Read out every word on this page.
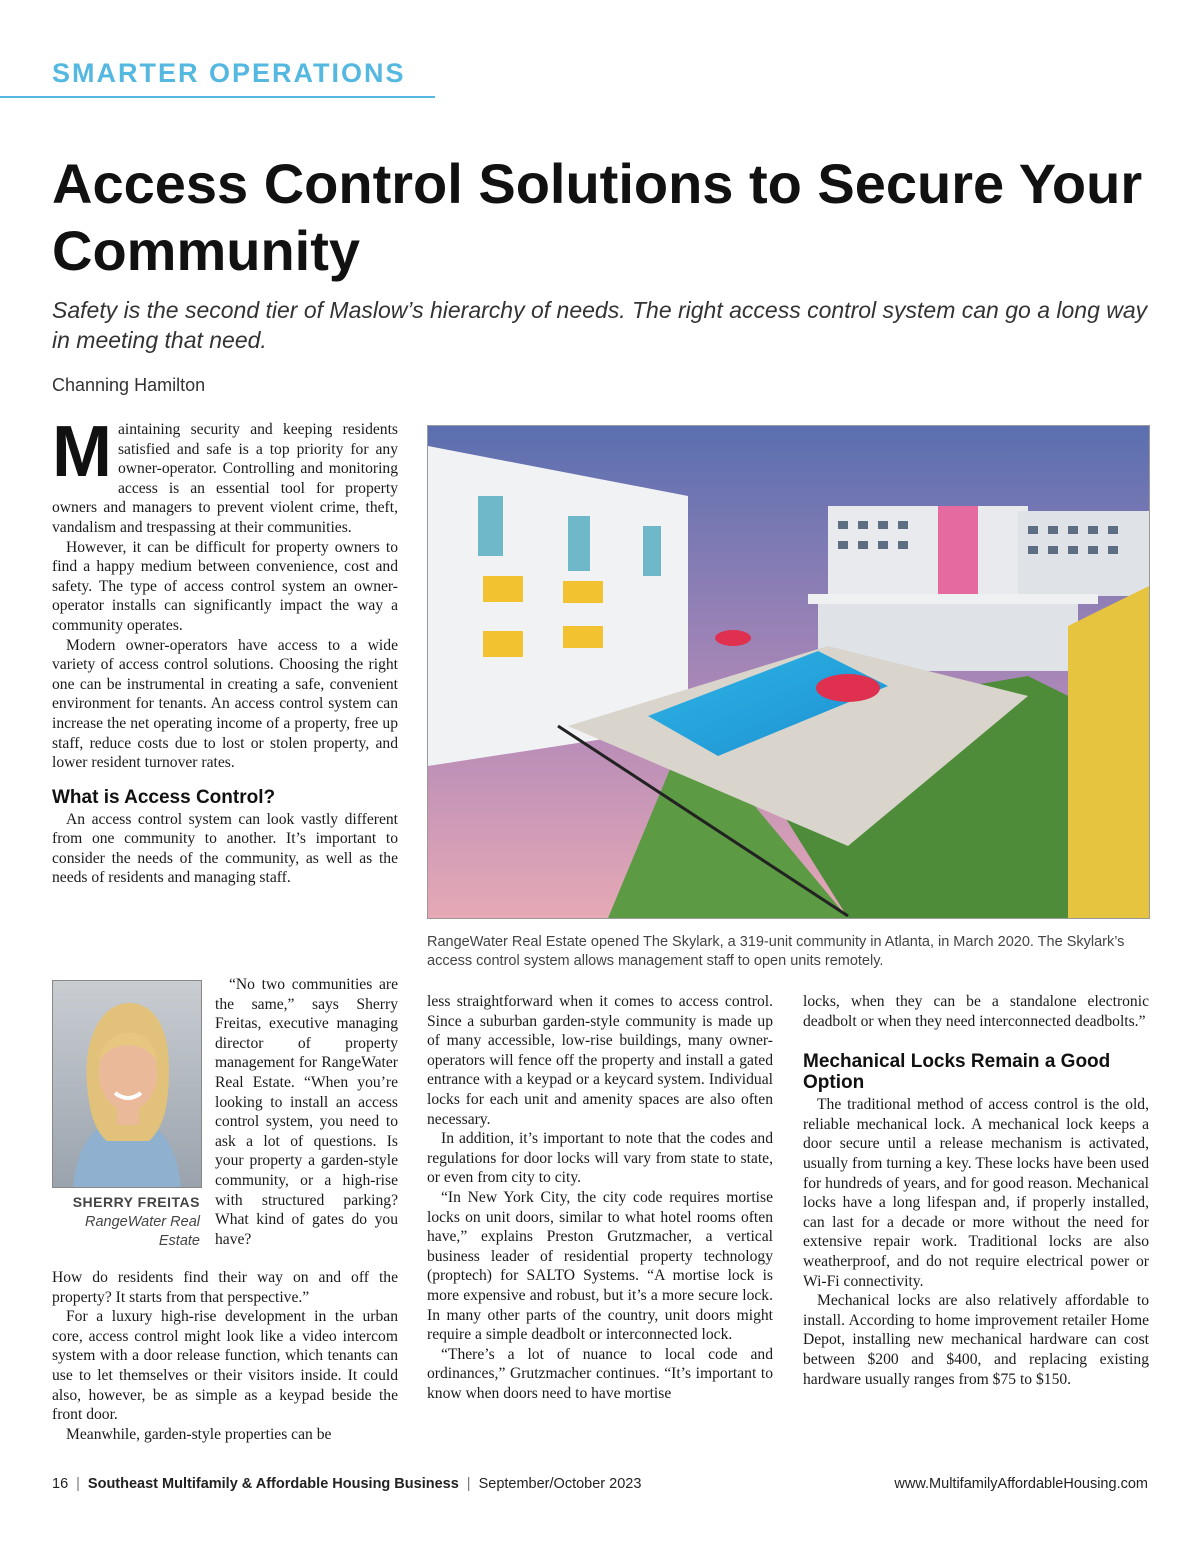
SMARTER OPERATIONS
Access Control Solutions to Secure Your Community

Safety is the second tier of Maslow’s hierarchy of needs. The right access control system can go a long way in meeting that need.

Channing Hamilton

Maintaining security and keeping residents satisfied and safe is a top priority for any owner-operator. Controlling and monitoring access is an essential tool for property owners and managers to prevent violent crime, theft, vandalism and trespassing at their communities.

However, it can be difficult for property owners to find a happy medium between convenience, cost and safety. The type of access control system an owner-operator installs can significantly impact the way a community operates.

Modern owner-operators have access to a wide variety of access control solutions. Choosing the right one can be instrumental in creating a safe, convenient environment for tenants. An access control system can increase the net operating income of a property, free up staff, reduce costs due to lost or stolen property, and lower resident turnover rates.

What is Access Control?

An access control system can look vastly different from one community to another. It’s important to consider the needs of the community, as well as the needs of residents and managing staff.

SHERRY FREITAS
RangeWater Real Estate

“No two communities are the same,” says Sherry Freitas, executive managing director of property management for RangeWater Real Estate. “When you’re looking to install an access control system, you need to ask a lot of questions. Is your property a garden-style community, or a high-rise with structured parking? What kind of gates do you have?

How do residents find their way on and off the property? It starts from that perspective.”

For a luxury high-rise development in the urban core, access control might look like a video intercom system with a door release function, which tenants can use to let themselves or their visitors inside. It could also, however, be as simple as a keypad beside the front door.

Meanwhile, garden-style properties can be

RangeWater Real Estate opened The Skylark, a 319-unit community in Atlanta, in March 2020. The Skylark’s access control system allows management staff to open units remotely.

less straightforward when it comes to access control. Since a suburban garden-style community is made up of many accessible, low-rise buildings, many owner-operators will fence off the property and install a gated entrance with a keypad or a keycard system. Individual locks for each unit and amenity spaces are also often necessary.

In addition, it’s important to note that the codes and regulations for door locks will vary from state to state, or even from city to city.

“In New York City, the city code requires mortise locks on unit doors, similar to what hotel rooms often have,” explains Preston Grutzmacher, a vertical business leader of residential property technology (proptech) for SALTO Systems. “A mortise lock is more expensive and robust, but it’s a more secure lock. In many other parts of the country, unit doors might require a simple deadbolt or interconnected lock.

“There’s a lot of nuance to local code and ordinances,” Grutzmacher continues. “It’s important to know when doors need to have mortise

locks, when they can be a standalone electronic deadbolt or when they need interconnected deadbolts.”

Mechanical Locks Remain a Good Option

The traditional method of access control is the old, reliable mechanical lock. A mechanical lock keeps a door secure until a release mechanism is activated, usually from turning a key. These locks have been used for hundreds of years, and for good reason. Mechanical locks have a long lifespan and, if properly installed, can last for a decade or more without the need for extensive repair work. Traditional locks are also weatherproof, and do not require electrical power or Wi-Fi connectivity.

Mechanical locks are also relatively affordable to install. According to home improvement retailer Home Depot, installing new mechanical hardware can cost between $200 and $400, and replacing existing hardware usually ranges from $75 to $150.

16 | Southeast Multifamily & Affordable Housing Business | September/October 2023	www.MultifamilyAffordableHousing.com
